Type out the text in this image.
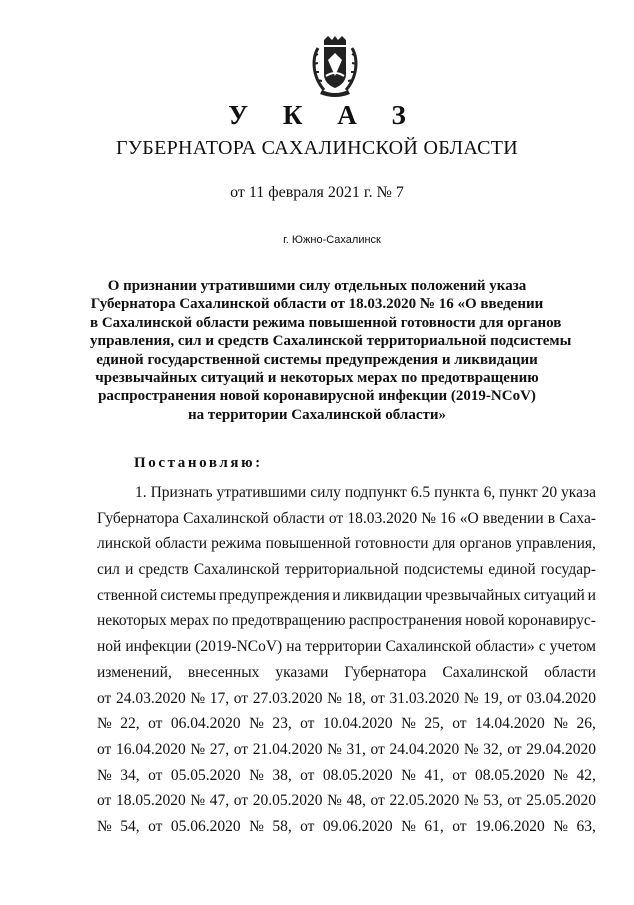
У К А З
ГУБЕРНАТОРА САХАЛИНСКОЙ ОБЛАСТИ
от 11 февраля 2021 г. № 7
г. Южно-Сахалинск
О признании утратившими силу отдельных положений указа
Губернатора Сахалинской области от 18.03.2020 № 16 «О введении
в Сахалинской области режима повышенной готовности для органов
управления, сил и средств Сахалинской территориальной подсистемы
единой государственной системы предупреждения и ликвидации
чрезвычайных ситуаций и некоторых мерах по предотвращению
распространения новой коронавирусной инфекции (2019-NCoV)
на территории Сахалинской области»
Постановляю:
1. Признать утратившими силу подпункт 6.5 пункта 6, пункт 20 указа
Губернатора Сахалинской области от 18.03.2020 № 16 «О введении в Саха-
линской области режима повышенной готовности для органов управления,
сил и средств Сахалинской территориальной подсистемы единой государ-
ственной системы предупреждения и ликвидации чрезвычайных ситуаций и
некоторых мерах по предотвращению распространения новой коронавирус-
ной инфекции (2019-NCoV) на территории Сахалинской области» с учетом
изменений, внесенных указами Губернатора Сахалинской области
от 24.03.2020 № 17, от 27.03.2020 № 18, от 31.03.2020 № 19, от 03.04.2020
№ 22, от 06.04.2020 № 23, от 10.04.2020 № 25, от 14.04.2020 № 26,
от 16.04.2020 № 27, от 21.04.2020 № 31, от 24.04.2020 № 32, от 29.04.2020
№ 34, от 05.05.2020 № 38, от 08.05.2020 № 41, от 08.05.2020 № 42,
от 18.05.2020 № 47, от 20.05.2020 № 48, от 22.05.2020 № 53, от 25.05.2020
№ 54, от 05.06.2020 № 58, от 09.06.2020 № 61, от 19.06.2020 № 63,
